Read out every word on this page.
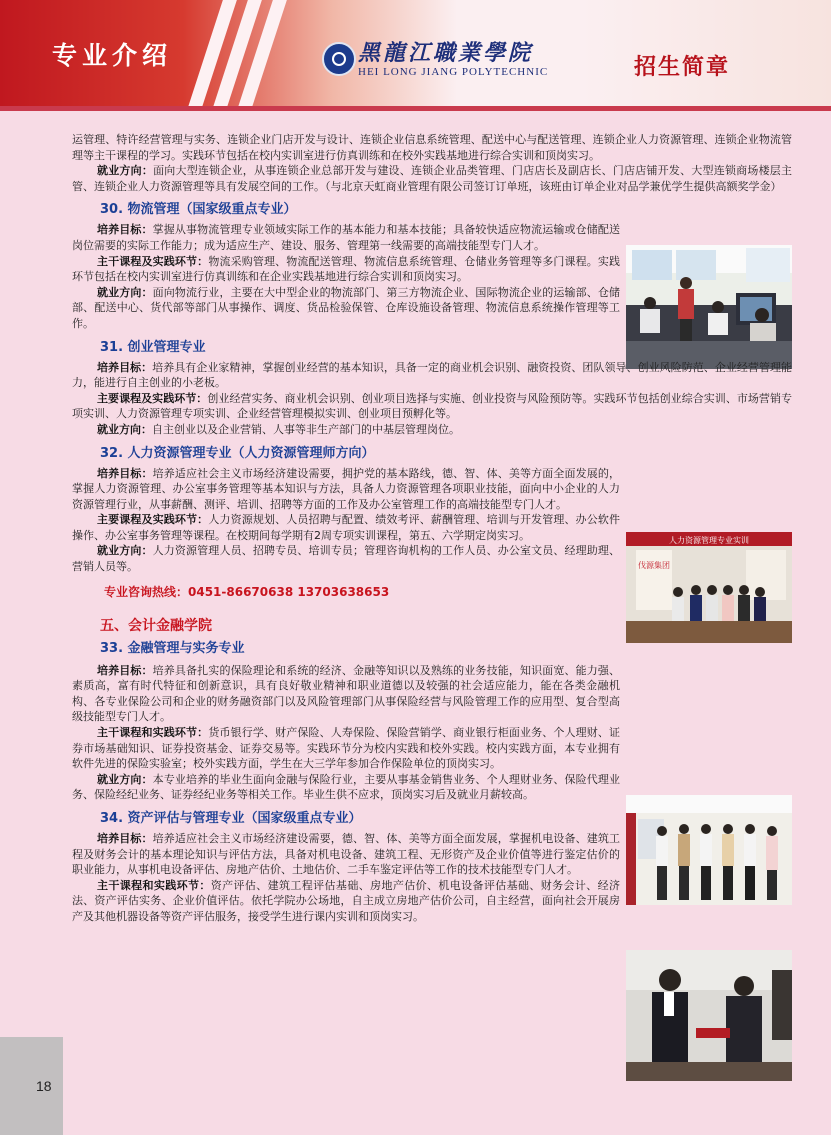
专业介绍	黑龍江職業學院
HEI LONG JIANG POLYTECHNIC	招生简章
人力资源管理专业实训
伐源集团

运管理、特许经营管理与实务、连锁企业门店开发与设计、连锁企业信息系统管理、配送中心与配送管理、连锁企业人力资源管理、连锁企业物流管理等主干课程的学习。实践环节包括在校内实训室进行仿真训练和在校外实践基地进行综合实训和顶岗实习。

就业方向：面向大型连锁企业，从事连锁企业总部开发与建设、连锁企业品类管理、门店店长及副店长、门店店铺开发、大型连锁商场楼层主管、连锁企业人力资源管理等具有发展空间的工作。（与北京天虹商业管理有限公司签订订单班，该班由订单企业对品学兼优学生提供高额奖学金）

30. 物流管理（国家级重点专业）

培养目标：掌握从事物流管理专业领域实际工作的基本能力和基本技能；具备较快适应物流运输或仓储配送岗位需要的实际工作能力；成为适应生产、建设、服务、管理第一线需要的高端技能型专门人才。

主干课程及实践环节：物流采购管理、物流配送管理、物流信息系统管理、仓储业务管理等多门课程。实践环节包括在校内实训室进行仿真训练和在企业实践基地进行综合实训和顶岗实习。

就业方向：面向物流行业，主要在大中型企业的物流部门、第三方物流企业、国际物流企业的运输部、仓储部、配送中心、货代部等部门从事操作、调度、货品检验保管、仓库设施设备管理、物流信息系统操作管理等工作。

31. 创业管理专业

培养目标：培养具有企业家精神，掌握创业经营的基本知识，具备一定的商业机会识别、融资投资、团队领导、创业风险防范、企业经营管理能力，能进行自主创业的小老板。

主要课程及实践环节：创业经营实务、商业机会识别、创业项目选择与实施、创业投资与风险预防等。实践环节包括创业综合实训、市场营销专项实训、人力资源管理专项实训、企业经营管理模拟实训、创业项目预孵化等。

就业方向：自主创业以及企业营销、人事等非生产部门的中基层管理岗位。

32. 人力资源管理专业（人力资源管理师方向）

培养目标：培养适应社会主义市场经济建设需要，拥护党的基本路线，德、智、体、美等方面全面发展的，掌握人力资源管理、办公室事务管理等基本知识与方法，具备人力资源管理各项职业技能，面向中小企业的人力资源管理行业，从事薪酬、测评、培训、招聘等方面的工作及办公室管理工作的高端技能型专门人才。

主要课程及实践环节：人力资源规划、人员招聘与配置、绩效考评、薪酬管理、培训与开发管理、办公软件操作、办公室事务管理等课程。在校期间每学期有2周专项实训课程，第五、六学期定岗实习。

就业方向：人力资源管理人员、招聘专员、培训专员；管理咨询机构的工作人员、办公室文员、经理助理、营销人员等。

专业咨询热线：0451-86670638 13703638653
五、会计金融学院
33. 金融管理与实务专业

培养目标：培养具备扎实的保险理论和系统的经济、金融等知识以及熟练的业务技能，知识面宽、能力强、素质高，富有时代特征和创新意识，具有良好敬业精神和职业道德以及较强的社会适应能力，能在各类金融机构、各专业保险公司和企业的财务融资部门以及风险管理部门从事保险经营与风险管理工作的应用型、复合型高级技能型专门人才。

主干课程和实践环节：货币银行学、财产保险、人寿保险、保险营销学、商业银行柜面业务、个人理财、证券市场基础知识、证券投资基金、证券交易等。实践环节分为校内实践和校外实践。校内实践方面，本专业拥有软件先进的保险实验室；校外实践方面，学生在大三学年参加合作保险单位的顶岗实习。

就业方向：本专业培养的毕业生面向金融与保险行业，主要从事基金销售业务、个人理财业务、保险代理业务、保险经纪业务、证券经纪业务等相关工作。毕业生供不应求，顶岗实习后及就业月薪较高。

34. 资产评估与管理专业（国家级重点专业）

培养目标：培养适应社会主义市场经济建设需要，德、智、体、美等方面全面发展，掌握机电设备、建筑工程及财务会计的基本理论知识与评估方法，具备对机电设备、建筑工程、无形资产及企业价值等进行鉴定估价的职业能力，从事机电设备评估、房地产估价、土地估价、二手车鉴定评估等工作的技术技能型专门人才。

主干课程和实践环节：资产评估、建筑工程评估基础、房地产估价、机电设备评估基础、财务会计、经济法、资产评估实务、企业价值评估。依托学院办公场地，自主成立房地产估价公司，自主经营，面向社会开展房产及其他机器设备等资产评估服务，接受学生进行课内实训和顶岗实习。

18
